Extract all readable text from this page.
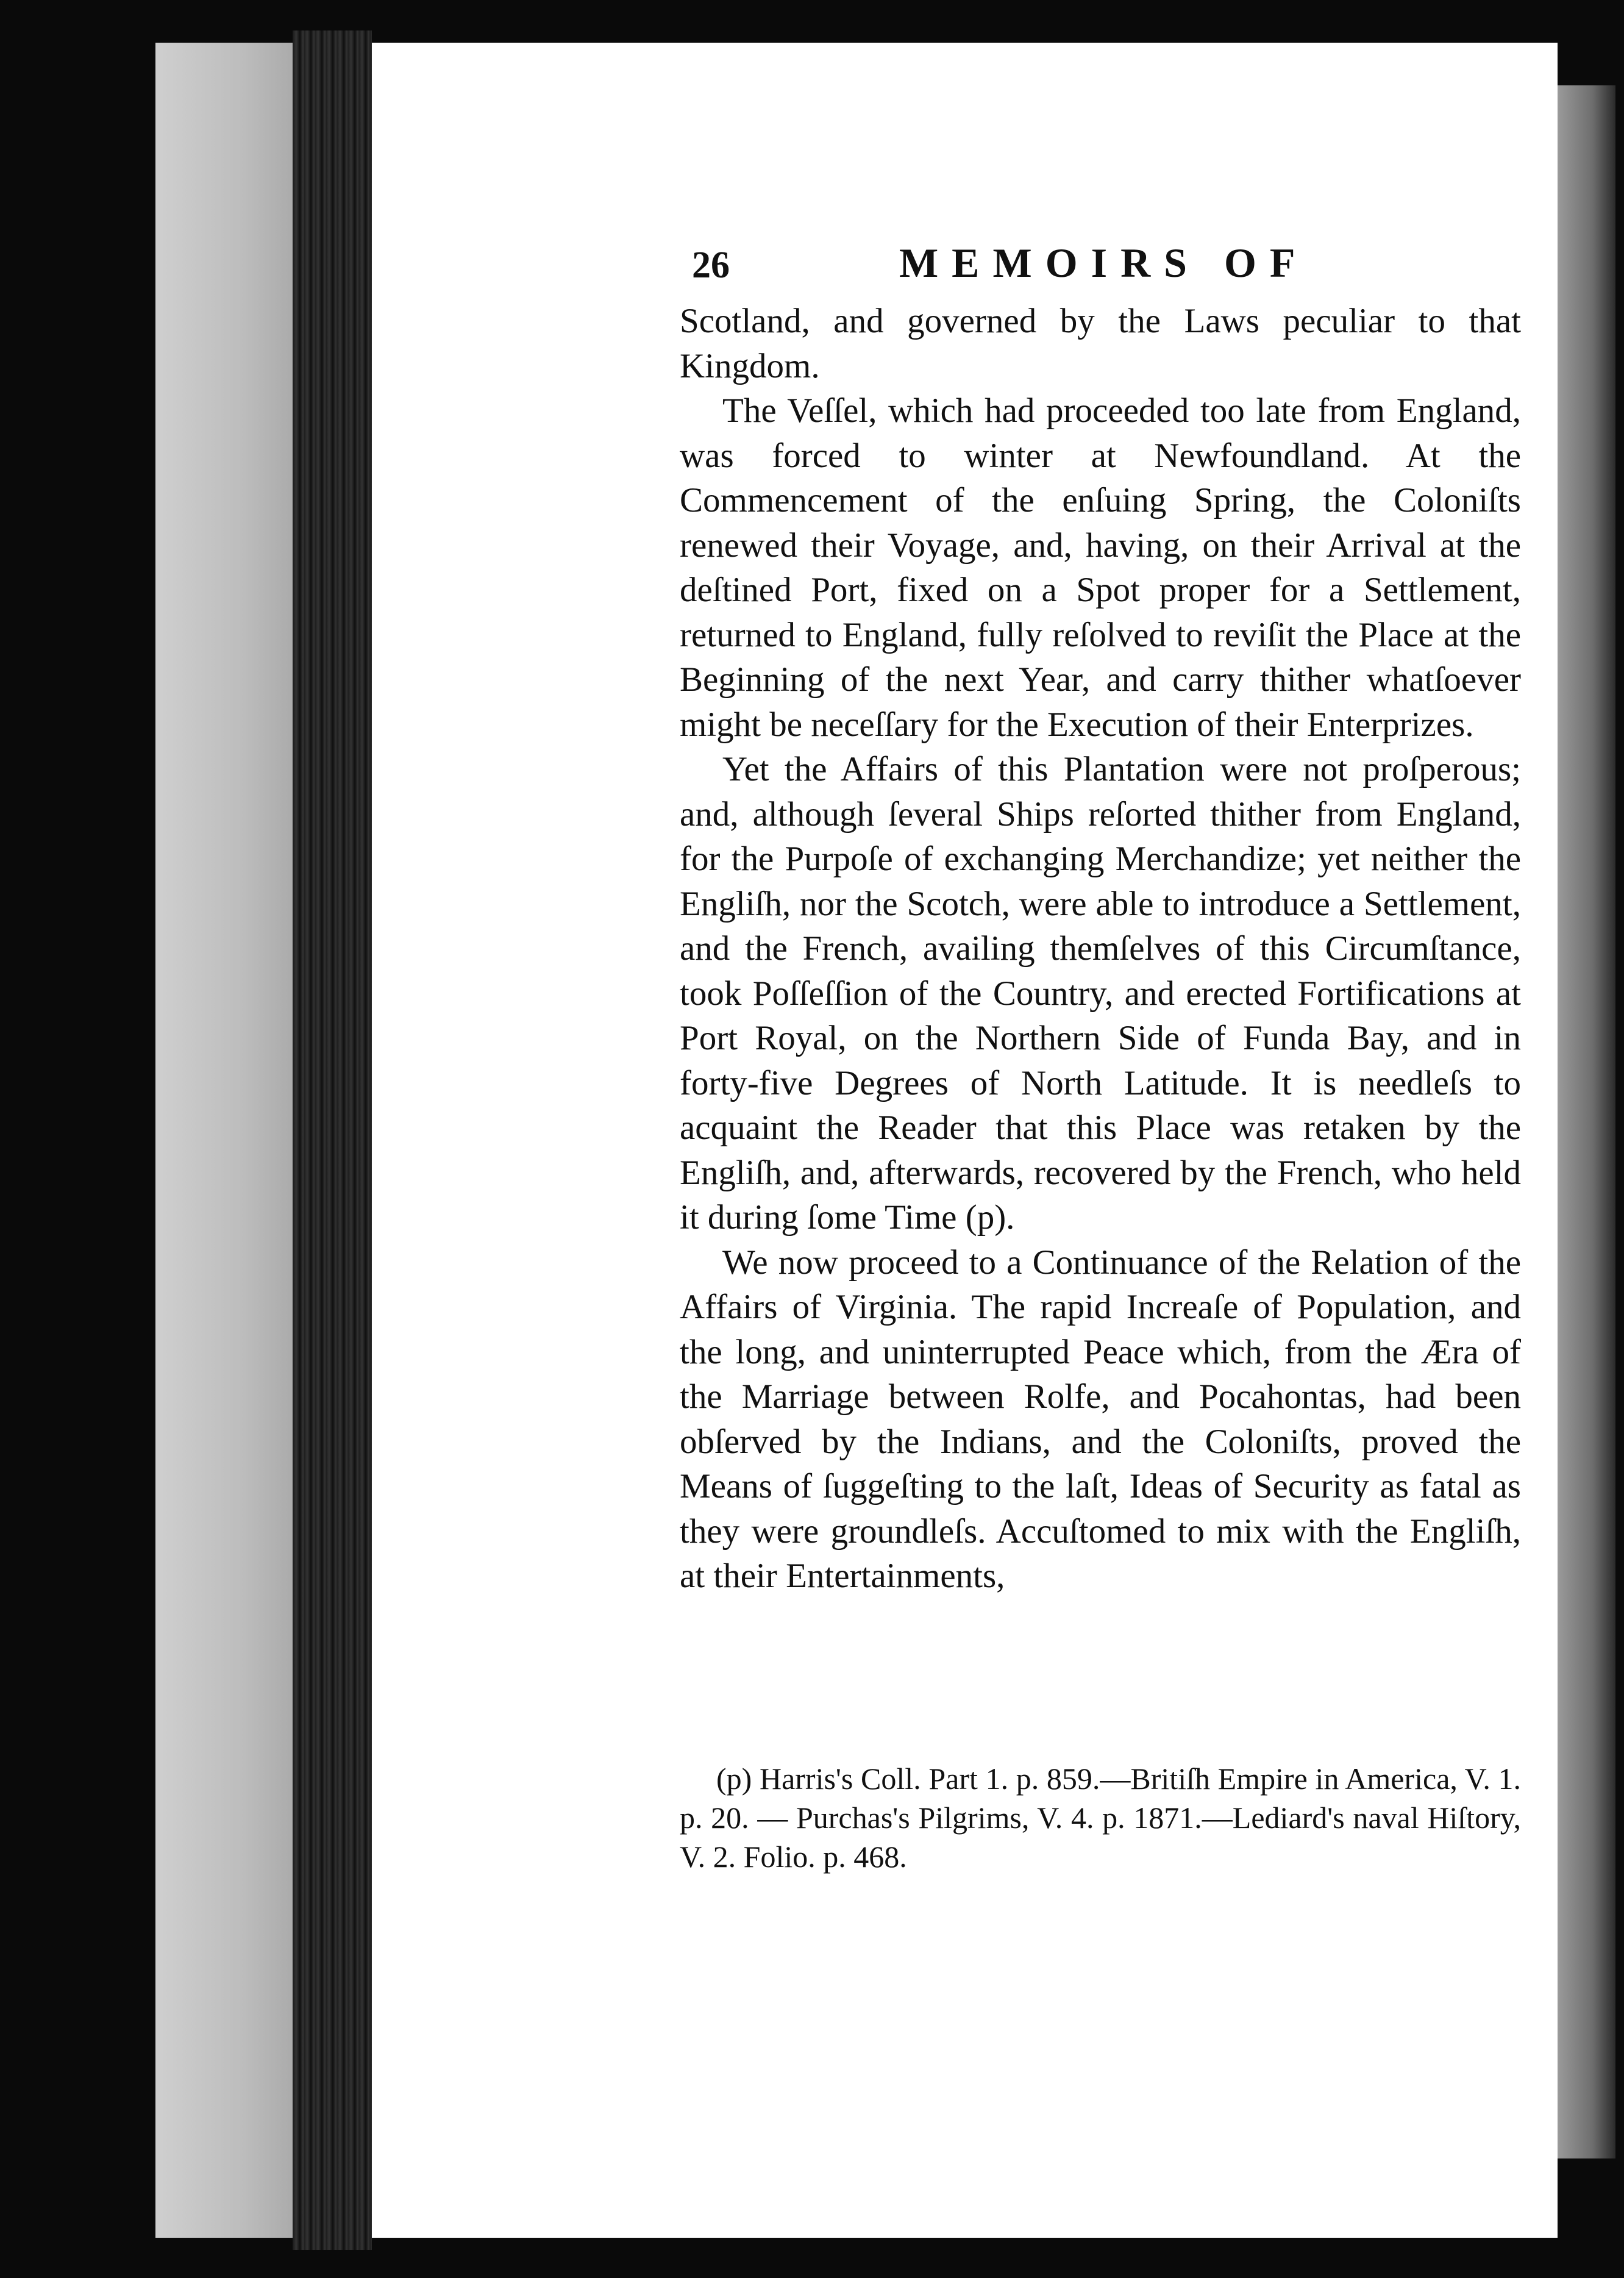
26	MEMOIRS OF

Scotland, and governed by the Laws peculiar to that Kingdom.

The Veſſel, which had proceeded too late from England, was forced to winter at Newfoundland. At the Commencement of the enſuing Spring, the Coloniſts renewed their Voyage, and, having, on their Arrival at the deſtined Port, fixed on a Spot proper for a Settlement, returned to England, fully reſolved to reviſit the Place at the Beginning of the next Year, and carry thither whatſoever might be neceſſary for the Execution of their Enterprizes.

Yet the Affairs of this Plantation were not proſperous; and, although ſeveral Ships reſorted thither from England, for the Purpoſe of exchanging Merchandize; yet neither the Engliſh, nor the Scotch, were able to introduce a Settlement, and the French, availing themſelves of this Circumſtance, took Poſſeſſion of the Country, and erected Fortifications at Port Royal, on the Northern Side of Funda Bay, and in forty-five Degrees of North Latitude. It is needleſs to acquaint the Reader that this Place was retaken by the Engliſh, and, afterwards, recovered by the French, who held it during ſome Time (p).

We now proceed to a Continuance of the Relation of the Affairs of Virginia. The rapid Increaſe of Population, and the long, and uninterrupted Peace which, from the Æra of the Marriage between Rolfe, and Pocahontas, had been obſerved by the Indians, and the Coloniſts, proved the Means of ſuggeſting to the laſt, Ideas of Security as fatal as they were groundleſs. Accuſtomed to mix with the Engliſh, at their Entertainments,

(p) Harris's Coll. Part 1. p. 859.—Britiſh Empire in America, V. 1. p. 20. — Purchas's Pilgrims, V. 4. p. 1871.—Lediard's naval Hiſtory, V. 2. Folio. p. 468.
